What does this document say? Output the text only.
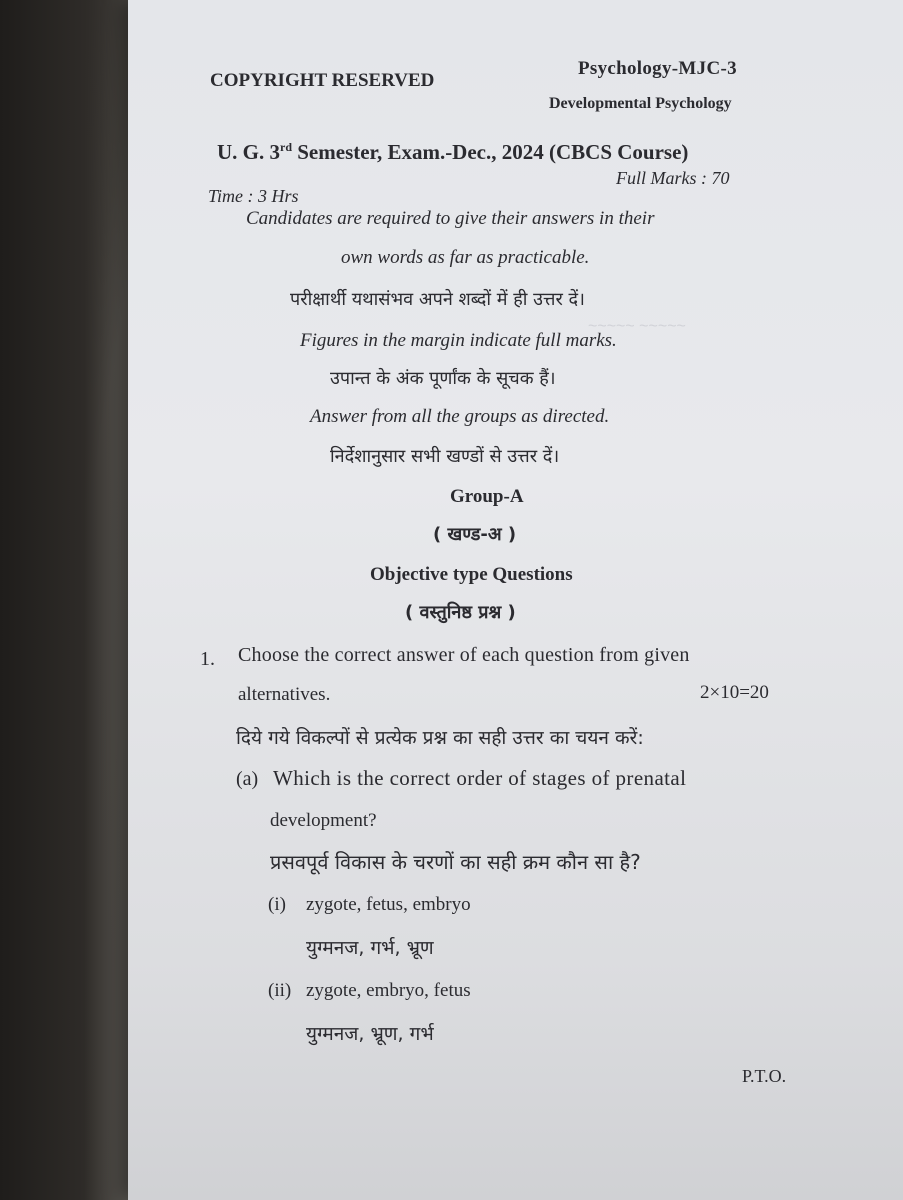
~~~~~ ~~~~~
COPYRIGHT RESERVED
Psychology-MJC-3
Developmental Psychology
U. G. 3rd Semester, Exam.-Dec., 2024 (CBCS Course)
Time : 3 Hrs
Full Marks : 70
Candidates are required to give their answers in their
own words as far as practicable.
परीक्षार्थी यथासंभव अपने शब्दों में ही उत्तर दें।
Figures in the margin indicate full marks.
उपान्त के अंक पूर्णांक के सूचक हैं।
Answer from all the groups as directed.
निर्देशानुसार सभी खण्डों से उत्तर दें।
Group-A
( खण्ड-अ )
Objective type Questions
( वस्तुनिष्ठ प्रश्न )
1. Choose the correct answer of each question from given
alternatives.	2×10=20
दिये गये विकल्पों से प्रत्येक प्रश्न का सही उत्तर का चयन करें:
(a) Which is the correct order of stages of prenatal
development?
प्रसवपूर्व विकास के चरणों का सही क्रम कौन सा है?
(i) zygote, fetus, embryo
युग्मनज, गर्भ, भ्रूण
(ii) zygote, embryo, fetus
युग्मनज, भ्रूण, गर्भ
P.T.O.
